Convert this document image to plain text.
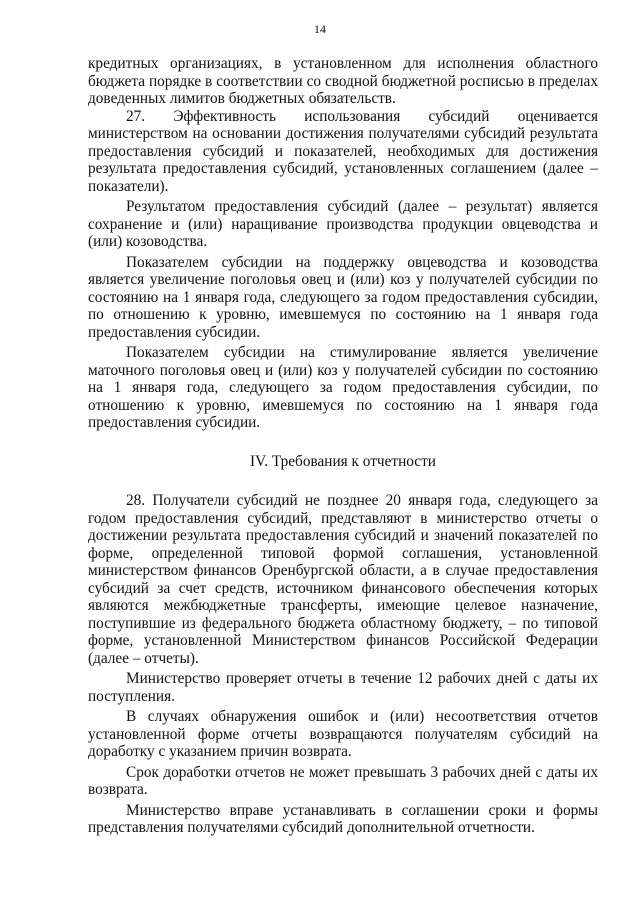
14

кредитных организациях, в установленном для исполнения областного бюджета порядке в соответствии со сводной бюджетной росписью в пределах доведенных лимитов бюджетных обязательств.

27. Эффективность использования субсидий оценивается министерством на основании достижения получателями субсидий результата предоставления субсидий и показателей, необходимых для достижения результата предоставления субсидий, установленных соглашением (далее – показатели).

Результатом предоставления субсидий (далее – результат) является сохранение и (или) наращивание производства продукции овцеводства и (или) козоводства.

Показателем субсидии на поддержку овцеводства и козоводства является увеличение поголовья овец и (или) коз у получателей субсидии по состоянию на 1 января года, следующего за годом предоставления субсидии, по отношению к уровню, имевшемуся по состоянию на 1 января года предоставления субсидии.

Показателем субсидии на стимулирование является увеличение маточного поголовья овец и (или) коз у получателей субсидии по состоянию на 1 января года, следующего за годом предоставления субсидии, по отношению к уровню, имевшемуся по состоянию на 1 января года предоставления субсидии.

IV. Требования к отчетности

28. Получатели субсидий не позднее 20 января года, следующего за годом предоставления субсидий, представляют в министерство отчеты о достижении результата предоставления субсидий и значений показателей по форме, определенной типовой формой соглашения, установленной министерством финансов Оренбургской области, а в случае предоставления субсидий за счет средств, источником финансового обеспечения которых являются межбюджетные трансферты, имеющие целевое назначение, поступившие из федерального бюджета областному бюджету, – по типовой форме, установленной Министерством финансов Российской Федерации (далее – отчеты).

Министерство проверяет отчеты в течение 12 рабочих дней с даты их поступления.

В случаях обнаружения ошибок и (или) несоответствия отчетов установленной форме отчеты возвращаются получателям субсидий на доработку с указанием причин возврата.

Срок доработки отчетов не может превышать 3 рабочих дней с даты их возврата.

Министерство вправе устанавливать в соглашении сроки и формы представления получателями субсидий дополнительной отчетности.
